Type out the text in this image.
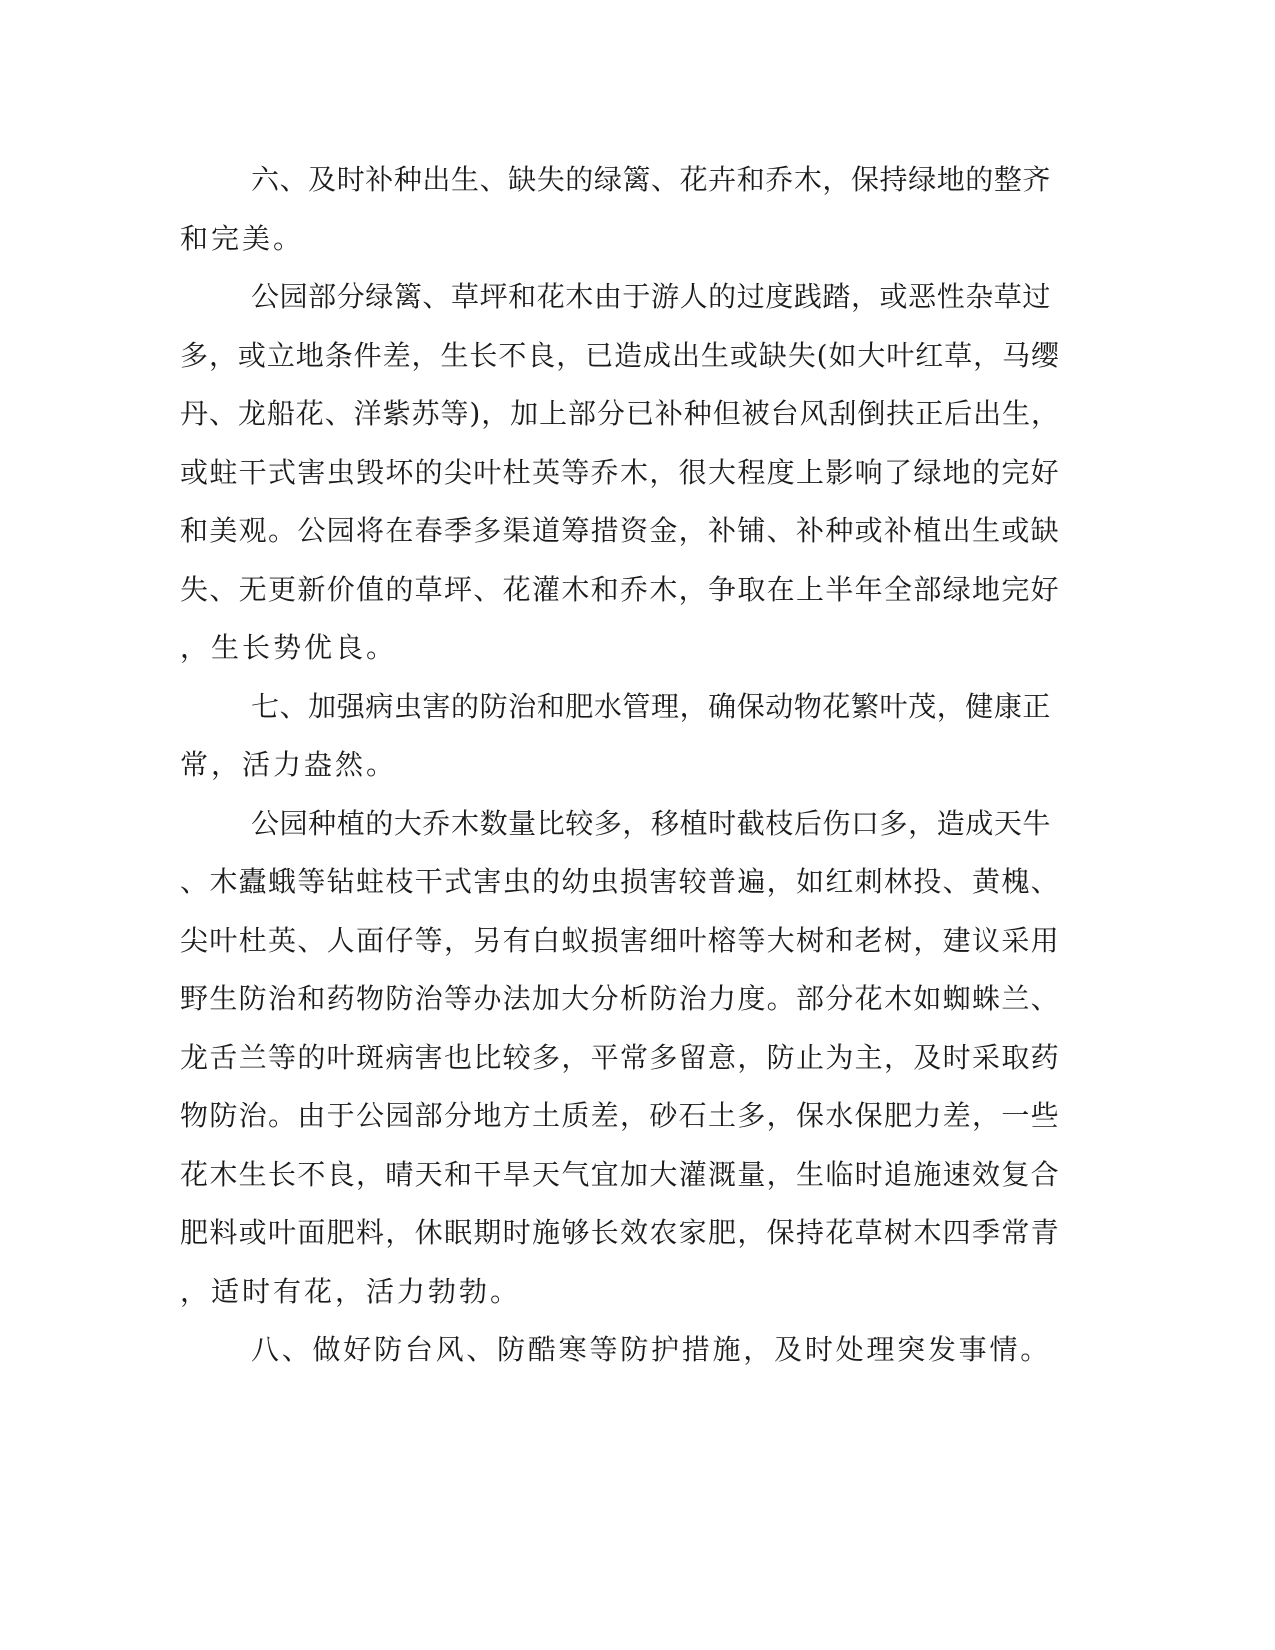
六、及时补种出生、缺失的绿篱、花卉和乔木，保持绿地的整齐
和完美。
公园部分绿篱、草坪和花木由于游人的过度践踏，或恶性杂草过
多，或立地条件差，生长不良，已造成出生或缺失(如大叶红草，马缨
丹、龙船花、洋紫苏等)，加上部分已补种但被台风刮倒扶正后出生，
或蛀干式害虫毁坏的尖叶杜英等乔木，很大程度上影响了绿地的完好
和美观。公园将在春季多渠道筹措资金，补铺、补种或补植出生或缺
失、无更新价值的草坪、花灌木和乔木，争取在上半年全部绿地完好
，生长势优良。
七、加强病虫害的防治和肥水管理，确保动物花繁叶茂，健康正
常，活力盎然。
公园种植的大乔木数量比较多，移植时截枝后伤口多，造成天牛
、木蠹蛾等钻蛀枝干式害虫的幼虫损害较普遍，如红刺林投、黄槐、
尖叶杜英、人面仔等，另有白蚁损害细叶榕等大树和老树，建议采用
野生防治和药物防治等办法加大分析防治力度。部分花木如蜘蛛兰、
龙舌兰等的叶斑病害也比较多，平常多留意，防止为主，及时采取药
物防治。由于公园部分地方土质差，砂石土多，保水保肥力差，一些
花木生长不良，晴天和干旱天气宜加大灌溉量，生临时追施速效复合
肥料或叶面肥料，休眠期时施够长效农家肥，保持花草树木四季常青
，适时有花，活力勃勃。
八、做好防台风、防酷寒等防护措施，及时处理突发事情。
